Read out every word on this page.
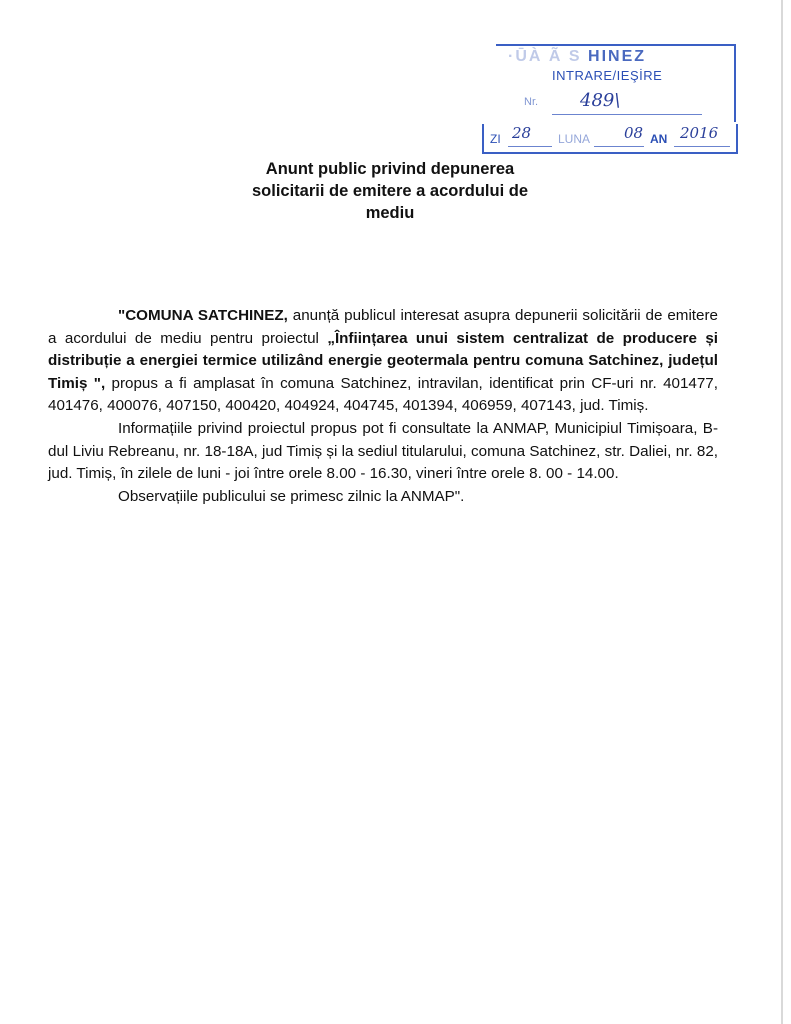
·ŪÀ Ã S HINEZ
INTRARE/IEŞİRE
Nr. 489\
ZI 28 LUNA 08 AN 2016
Anunt public privind depunerea
solicitarii de emitere a acordului de
mediu

"COMUNA SATCHINEZ, anunță publicul interesat asupra depunerii solicitării de emitere a acordului de mediu pentru proiectul „Înființarea unui sistem centralizat de producere și distribuție a energiei termice utilizând energie geotermala pentru comuna Satchinez, județul Timiș ", propus a fi amplasat în comuna Satchinez, intravilan, identificat prin CF-uri nr. 401477, 401476, 400076, 407150, 400420, 404924, 404745, 401394, 406959, 407143, jud. Timiș.

Informațiile privind proiectul propus pot fi consultate la ANMAP, Municipiul Timișoara, B-dul Liviu Rebreanu, nr. 18-18A, jud Timiș și la sediul titularului, comuna Satchinez, str. Daliei, nr. 82, jud. Timiș, în zilele de luni - joi între orele 8.00 - 16.30, vineri între orele 8. 00 - 14.00.

Observațiile publicului se primesc zilnic la ANMAP".
